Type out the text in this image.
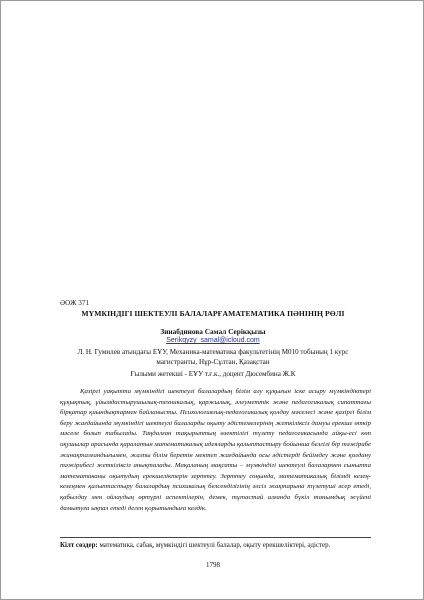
ӘОЖ 371
МҮМКІНДІГІ ШЕКТЕУЛІ БАЛАЛАРҒАМАТЕМАТИКА ПӘНІНІҢ РӨЛІ
Зинабдинова Самал Серікқызы
Serikqyzy_samal@icloud.com
Л. Н. Гумилев атындағы ЕҰУ, Механика-математика факультетінің М010 тобының 1 курс магистранты, Нұр-Сұлтан, Қазақстан
Ғылыми жетекші - ЕҰУ т.ғ.к., доцент Дюсембина Ж.К
Қазіргі уақытта мүмкіндігі шектеулі балалардың білім алу құқығын іске асыру мүмкіндіктері құқықтық, ұйымдастырушылық-техникалық, қаржылық, әлеуметтік және педагогикалық сипаттағы бірқатар қиындықтармен байланысты. Психологиялық-педагогикалық қолдау мәселесі және қазіргі білім беру жағдайында мүмкіндігі шектеулі балаларды оқыту әдістемелерінің жеткіліксіз дамуы ерекше өткір мәселе болып табылады. Таңдалған тақырыптың өзектілігі түзету педагогикасында айқы-есі көп оқушылар арасында қаралатын математикалық идеяларды қалыптастыру бойынша белгілі бір тәжірибе жинақталғандығымен, жалпы білім беретін мектеп жағдайында осы әдістерді бейімдеу және қолдану тәжірибесі жеткіліксіз анықталады. Мақаланың мақсаты – мүмкіндігі шектеулі балалармен сыныпта математиканы оқытудың ерекшеліктерін зерттеу. Зерттеу соңында, математикалық білімді кезең-кезеңмен қалыптастыру балалардың психикалық белсенділігінің әлсіз жақтарына түзетуші әсер етеді, қабылдау мен ойлаудың өртүрлі аспектілерін, демек, тұтастай алғанда бүкіл танымдық жүйені дамытуға ықпал етеді деген қорытындыға келдік.
Кілт сөздер: математика, сабақ, мүмкіндігі шектеулі балалар, оқыту ерекшеліктері, әдістер.
1798
